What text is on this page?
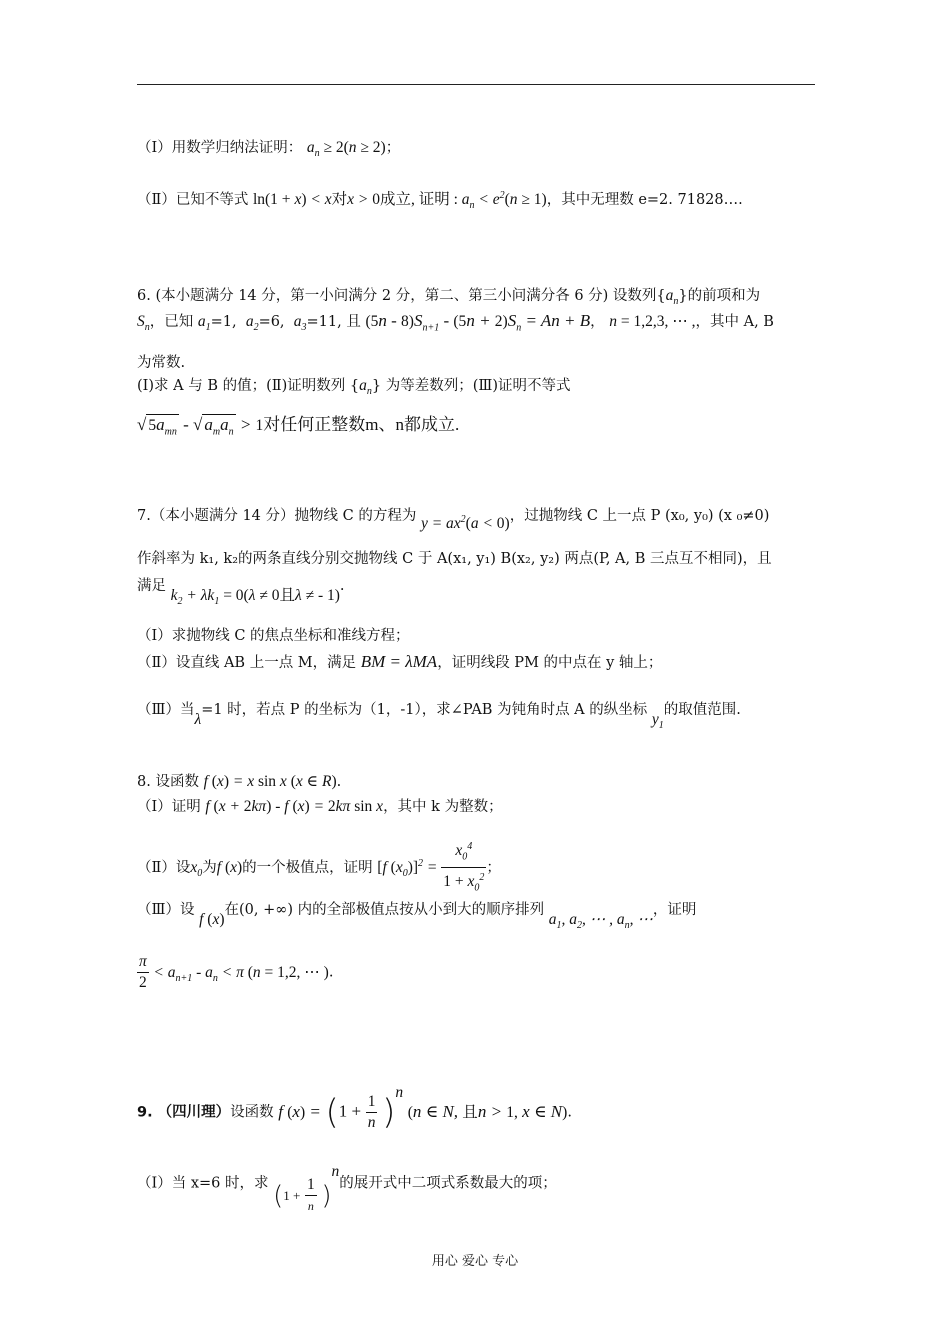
（Ⅰ）用数学归纳法证明： $a_n \ge 2(n \ge 2)$；
（Ⅱ）已知不等式 ln(1 + x) < x对x > 0成立, 证明 : $a_n < e^2(n \ge 1)$，其中无理数 e=2. 71828….
6. (本小题满分 14 分，第一小问满分 2 分，第二、第三小问满分各 6 分) 设数列$\{a_n\}$的前项和为
$S_n$，已知 $a_1=1$,  $a_2=6$,  $a_3=11$, 且 $(5n - 8)S_{n+1} - (5n + 2)S_n = An + B$， n = 1,2,3, ⋯ ,，其中 A, B
为常数.
(Ⅰ)求 A 与 B 的值；(Ⅱ)证明数列 $\{a_n\}$ 为等差数列；(Ⅲ)证明不等式
√ $5a_{mn}$ - √ $a_ma_n > 1$对任何正整数m、n都成立.
7.（本小题满分 14 分）抛物线 C 的方程为 $y = ax^2(a < 0)$，过抛物线 C 上一点 P (x₀, y₀) (x ₀≠0)
作斜率为 k₁, k₂的两条直线分别交抛物线 C 于 A(x₁, y₁) B(x₂, y₂) 两点(P, A, B 三点互不相同)，且
满足 $k_2 + \lambda k_1 = 0(\lambda \ne 0$且λ ≠ - 1).
（Ⅰ）求抛物线 C 的焦点坐标和准线方程；
（Ⅱ）设直线 AB 上一点 M，满足 BM = λMA，证明线段 PM 的中点在 y 轴上；
（Ⅲ）当λ=1 时，若点 P 的坐标为（1，-1），求∠PAB 为钝角时点 A 的纵坐标 $y_1$的取值范围.
8. 设函数 f (x) = x sin x (x ∈ R).
（Ⅰ）证明 f (x + 2kπ) - f (x) = 2kπ sin x，其中 k 为整数；
（Ⅱ）设$x_0$为f (x)的一个极值点，证明 [f $(x_0)]^2 = \frac{x_0^4}{1 + x_0^2}$ ；
（Ⅲ）设 f (x)在(0, +∞) 内的全部极值点按从小到大的顺序排列 $a_1$, $a_2$, ⋯ , $a_n$, ⋯，证明
$\frac{\pi}{2} < a_{n+1} - a_n < \pi$ (n = 1,2, ⋯ ).
9. （四川理）设函数 f $(x) = (1 + \frac{1}{n} )^n$ (n ∈ N, 且n > 1, x ∈ N).
（Ⅰ）当 x=6 时，求 $(1 + \frac{1}{n} )^n$的展开式中二项式系数最大的项；
用心 爱心 专心
